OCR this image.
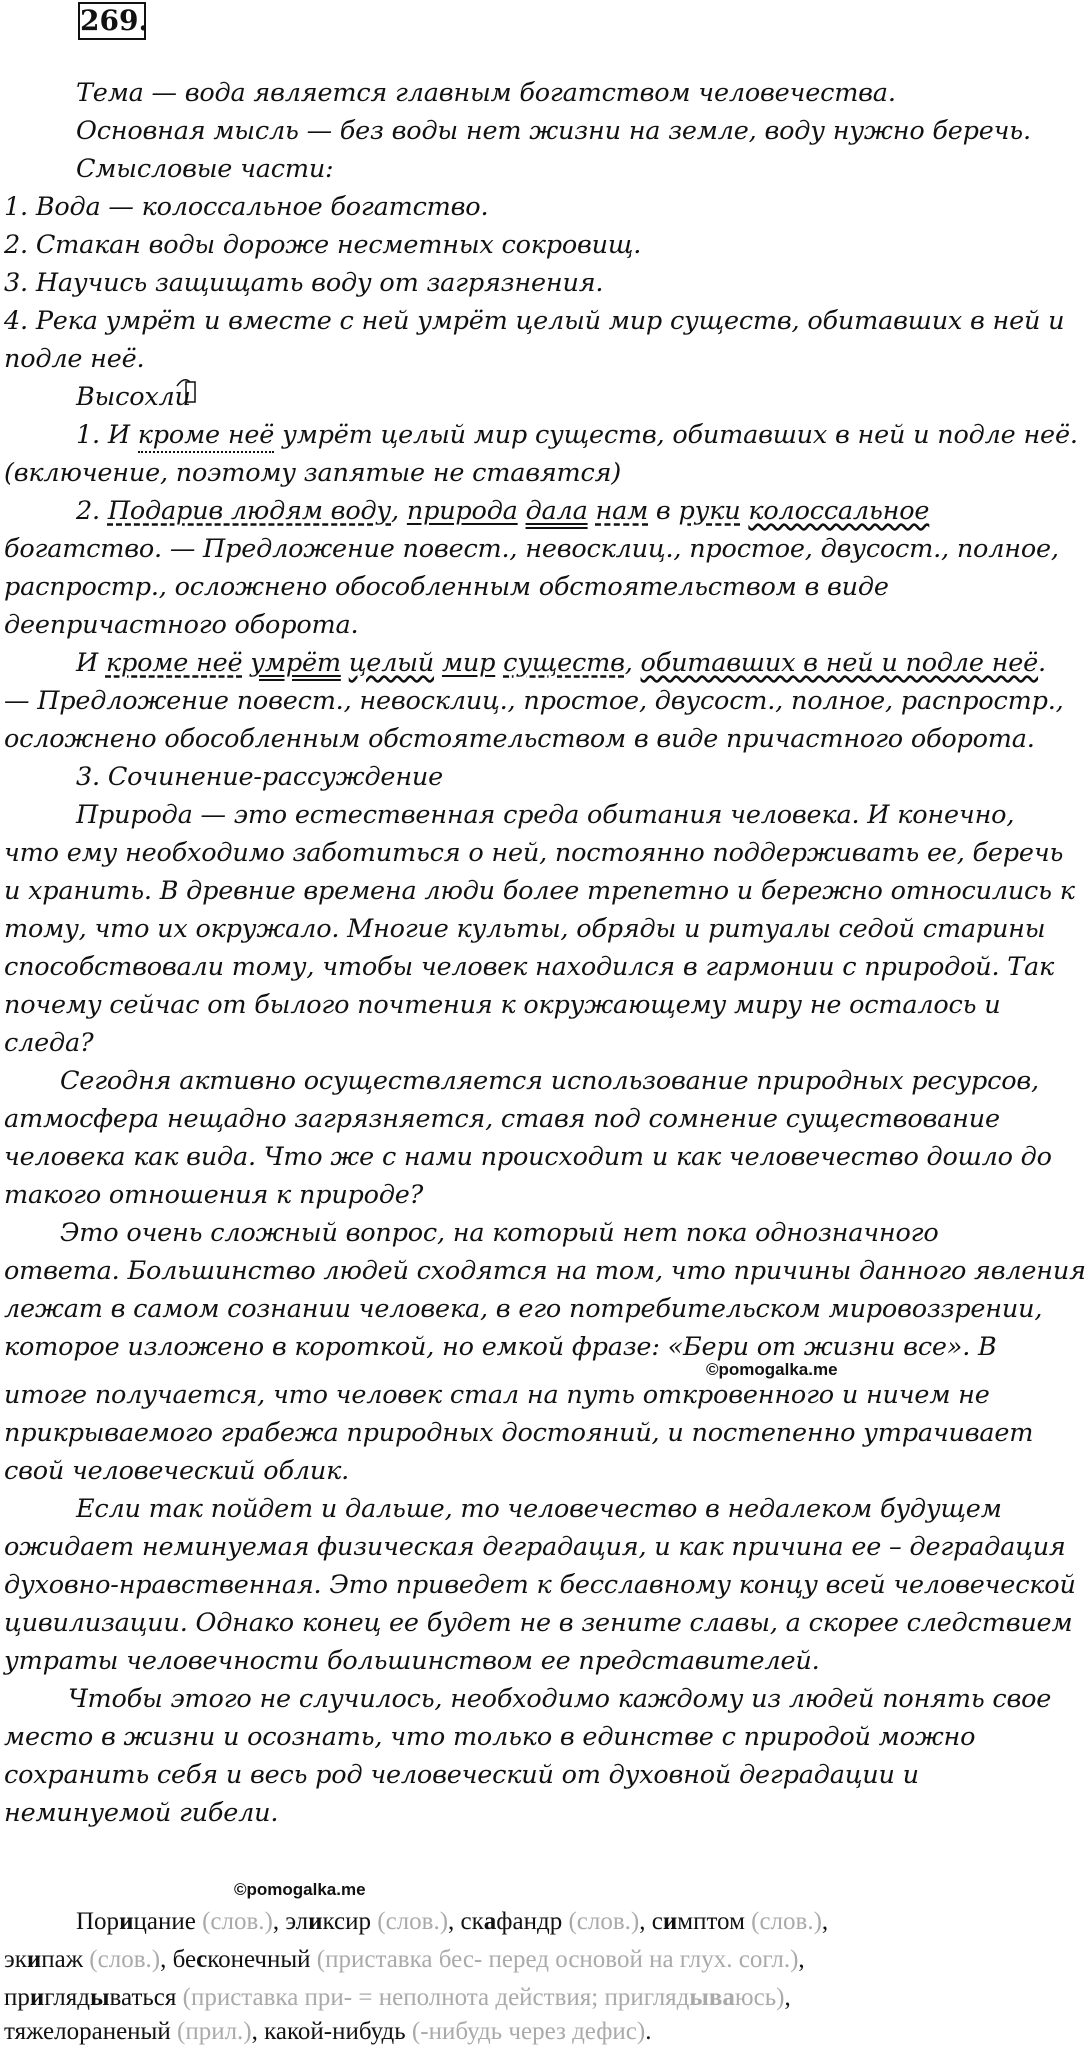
269.
Тема — вода является главным богатством человечества.
Основная мысль — без воды нет жизни на земле, воду нужно беречь.
Смысловые части:
1. Вода — колоссальное богатство.
2. Стакан воды дороже несметных сокровищ.
3. Научись защищать воду от загрязнения.
4. Река умрёт и вместе с ней умрёт целый мир существ, обитавших в ней и
подле неё.
Высохли
1. И кроме неё умрёт целый мир существ, обитавших в ней и подле неё.
(включение, поэтому запятые не ставятся)
2. Подарив людям воду, природа дала нам в руки колоссальное
богатство. — Предложение повест., невосклиц., простое, двусост., полное,
распростр., осложнено обособленным обстоятельством в виде
деепричастного оборота.
И кроме неё умрёт целый мир существ, обитавших в ней и подле неё.
— Предложение повест., невосклиц., простое, двусост., полное, распростр.,
осложнено обособленным обстоятельством в виде причастного оборота.
3. Сочинение-рассуждение
Природа — это естественная среда обитания человека. И конечно,
что ему необходимо заботиться о ней, постоянно поддерживать ее, беречь
и хранить. В древние времена люди более трепетно и бережно относились к
тому, что их окружало. Многие культы, обряды и ритуалы седой старины
способствовали тому, чтобы человек находился в гармонии с природой. Так
почему сейчас от былого почтения к окружающему миру не осталось и
следа?
Сегодня активно осуществляется использование природных ресурсов,
атмосфера нещадно загрязняется, ставя под сомнение существование
человека как вида. Что же с нами происходит и как человечество дошло до
такого отношения к природе?
Это очень сложный вопрос, на который нет пока однозначного
ответа. Большинство людей сходятся на том, что причины данного явления
лежат в самом сознании человека, в его потребительском мировоззрении,
которое изложено в короткой, но емкой фразе: «Бери от жизни все». В
итоге получается, что человек стал на путь откровенного и ничем не
прикрываемого грабежа природных достояний, и постепенно утрачивает
свой человеческий облик.
Если так пойдет и дальше, то человечество в недалеком будущем
ожидает неминуемая физическая деградация, и как причина ее – деградация
духовно-нравственная. Это приведет к бесславному концу всей человеческой
цивилизации. Однако конец ее будет не в зените славы, а скорее следствием
утраты человечности большинством ее представителей.
Чтобы этого не случилось, необходимо каждому из людей понять свое
место в жизни и осознать, что только в единстве с природой можно
сохранить себя и весь род человеческий от духовной деградации и
неминуемой гибели.
©pomogalka.me
©pomogalka.me
Порицание (слов.), эликсир (слов.), скафандр (слов.), симптом (слов.),
экипаж (слов.), бесконечный (приставка бес- перед основой на глух. согл.),
приглядываться (приставка при- = неполнота действия; приглядываюсь),
тяжелораненый (прил.), какой-нибудь (-нибудь через дефис).
